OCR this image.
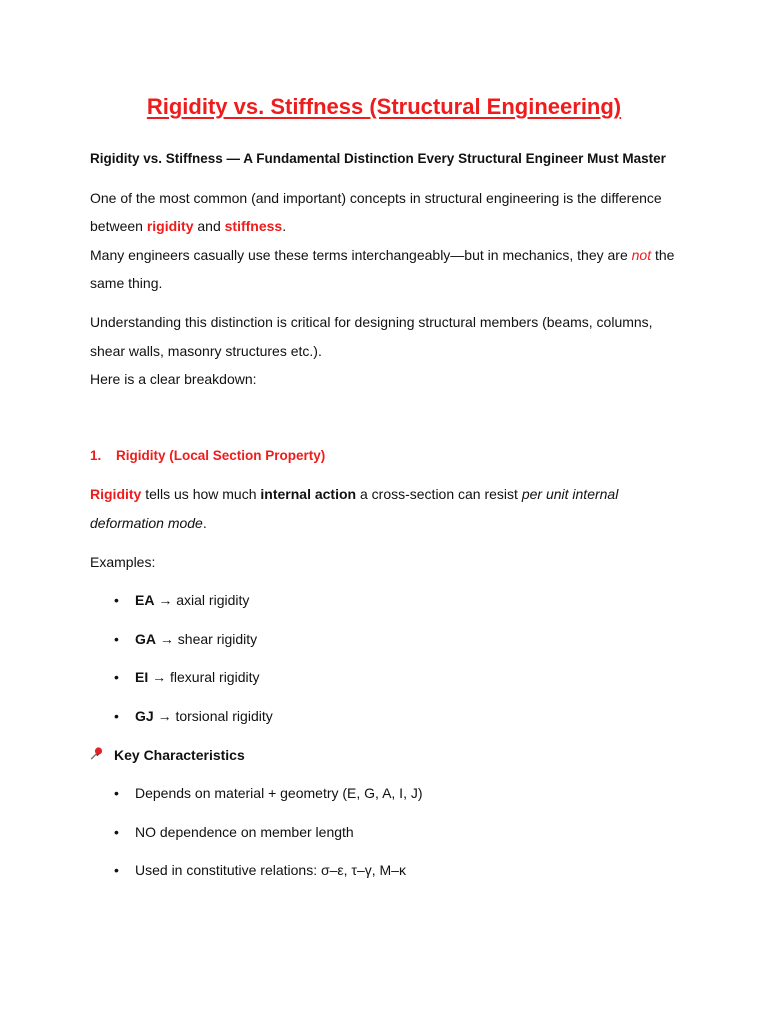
Rigidity vs. Stiffness (Structural Engineering)

Rigidity vs. Stiffness — A Fundamental Distinction Every Structural Engineer Must Master

One of the most common (and important) concepts in structural engineering is the difference between rigidity and stiffness.

Many engineers casually use these terms interchangeably—but in mechanics, they are not the same thing.

Understanding this distinction is critical for designing structural members (beams, columns, shear walls, masonry structures etc.).

Here is a clear breakdown:

1.	Rigidity (Local Section Property)

Rigidity tells us how much internal action a cross-section can resist per unit internal deformation mode.

Examples:

• EA → axial rigidity
• GA → shear rigidity
• EI → flexural rigidity
• GJ → torsional rigidity

Key Characteristics

• Depends on material + geometry (E, G, A, I, J)
• NO dependence on member length
• Used in constitutive relations: σ–ε, τ–γ, M–κ
